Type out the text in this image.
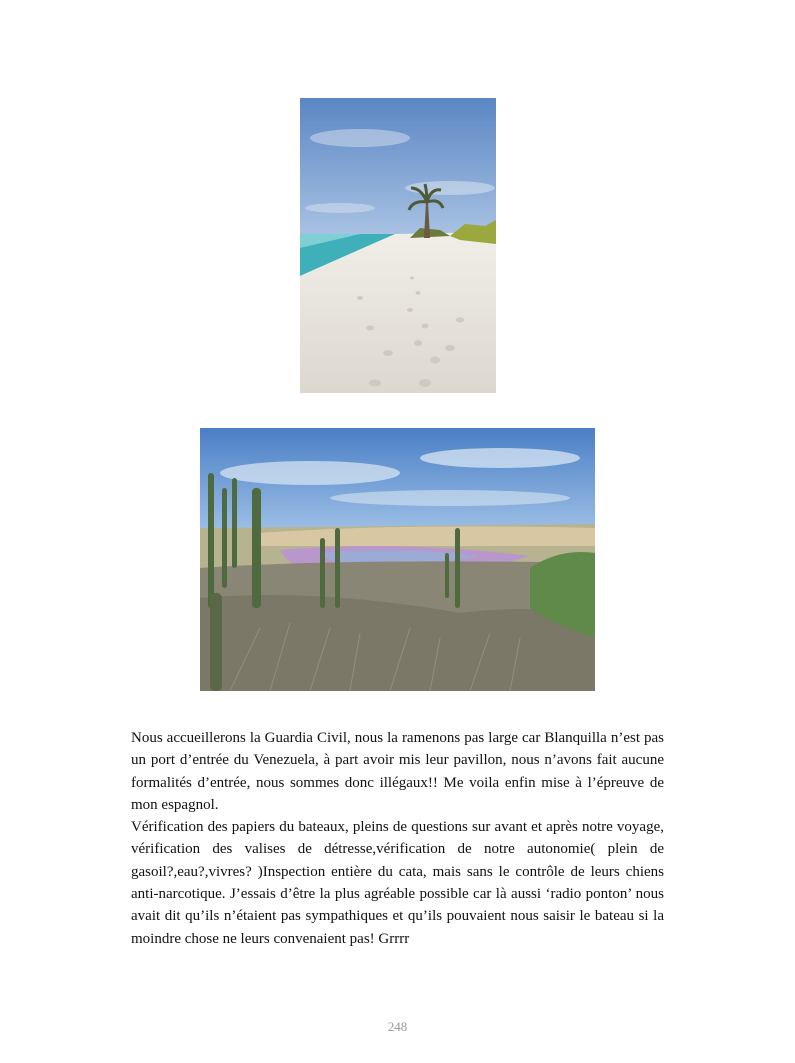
Nous accueillerons la Guardia Civil, nous la ramenons pas large car Blanquilla n’est pas un port d’entrée du Venezuela, à part avoir mis leur pavillon, nous n’avons fait aucune formalités d’entrée, nous sommes donc illégaux!! Me voila enfin mise à l’épreuve de mon espagnol.

Vérification des papiers du bateaux, pleins de questions sur avant et après notre voyage, vérification des valises de détresse,vérification de notre autonomie( plein de gasoil?,eau?,vivres? )Inspection entière du cata, mais sans le contrôle de leurs chiens anti-narcotique. J’essais d’être la plus agréable possible car là aussi ‘radio ponton’ nous avait dit qu’ils n’étaient pas sympathiques et qu’ils pouvaient nous saisir le bateau si la moindre chose ne leurs convenaient pas! Grrrr

248
